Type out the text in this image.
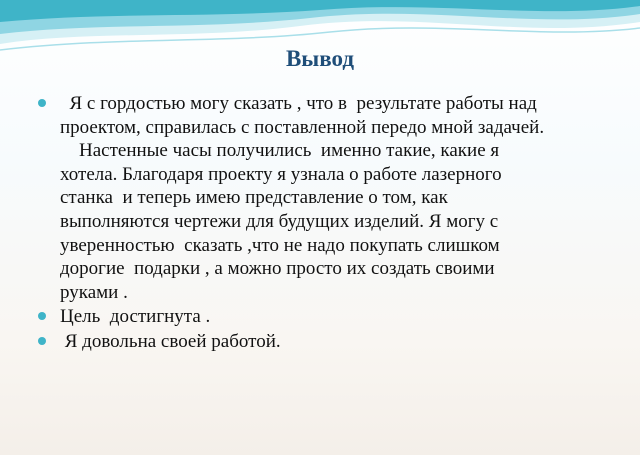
Вывод
Я с гордостью могу сказать , что в  результате работы над
проектом, справилась с поставленной передо мной задачей.
Настенные часы получились  именно такие, какие я
хотела. Благодаря проекту я узнала о работе лазерного
станка  и теперь имею представление о том, как
выполняются чертежи для будущих изделий. Я могу с
уверенностью  сказать ,что не надо покупать слишком
дорогие  подарки , а можно просто их создать своими
руками .
Цель  достигнута .
Я довольна своей работой.
